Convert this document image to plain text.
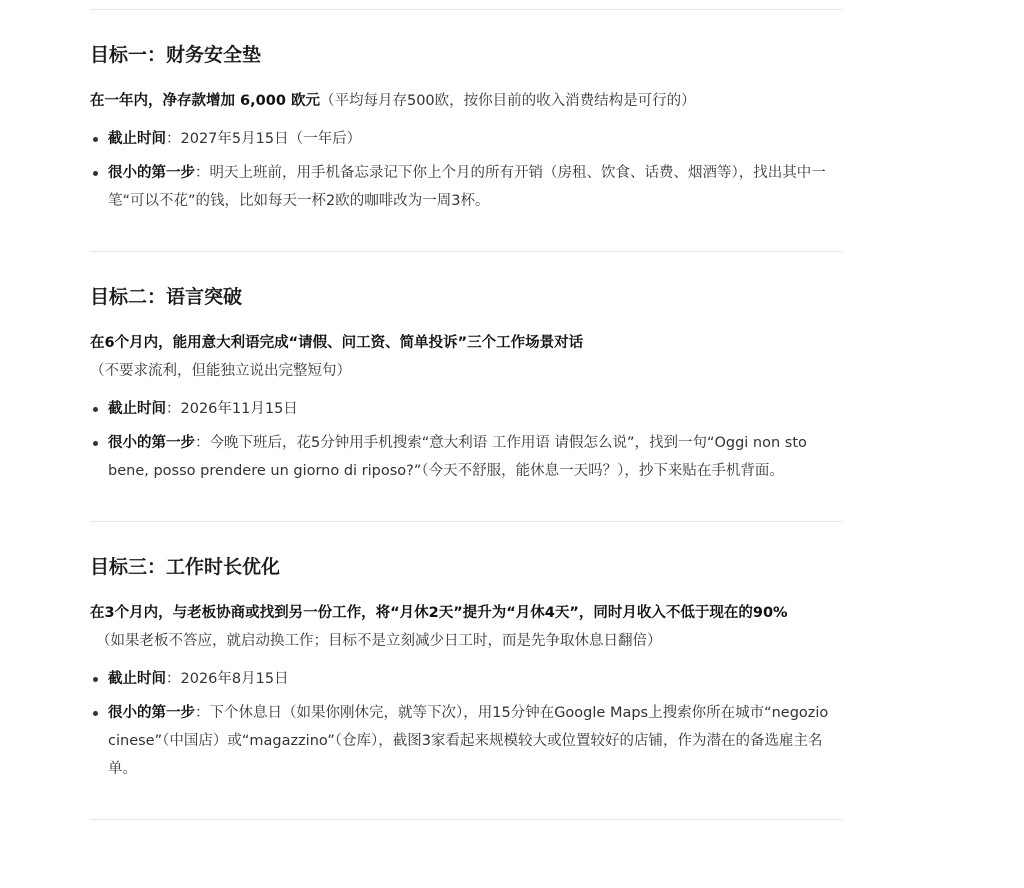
目标一：财务安全垫

在一年内，净存款增加 6,000 欧元（平均每月存500欧，按你目前的收入消费结构是可行的）

截止时间：2027年5月15日（一年后）
很小的第一步：明天上班前，用手机备忘录记下你上个月的所有开销（房租、饮食、话费、烟酒等），找出其中一笔“可以不花”的钱，比如每天一杯2欧的咖啡改为一周3杯。
目标二：语言突破

在6个月内，能用意大利语完成“请假、问工资、简单投诉”三个工作场景对话（不要求流利，但能独立说出完整短句）

截止时间：2026年11月15日
很小的第一步：今晚下班后，花5分钟用手机搜索“意大利语 工作用语 请假怎么说”，找到一句“Oggi non sto bene, posso prendere un giorno di riposo?”（今天不舒服，能休息一天吗？），抄下来贴在手机背面。
目标三：工作时长优化

在3个月内，与老板协商或找到另一份工作，将“月休2天”提升为“月休4天”，同时月收入不低于现在的90%
（如果老板不答应，就启动换工作；目标不是立刻减少日工时，而是先争取休息日翻倍）

截止时间：2026年8月15日
很小的第一步：下个休息日（如果你刚休完，就等下次），用15分钟在Google Maps上搜索你所在城市“negozio cinese”（中国店）或“magazzino”（仓库），截图3家看起来规模较大或位置较好的店铺，作为潜在的备选雇主名单。
